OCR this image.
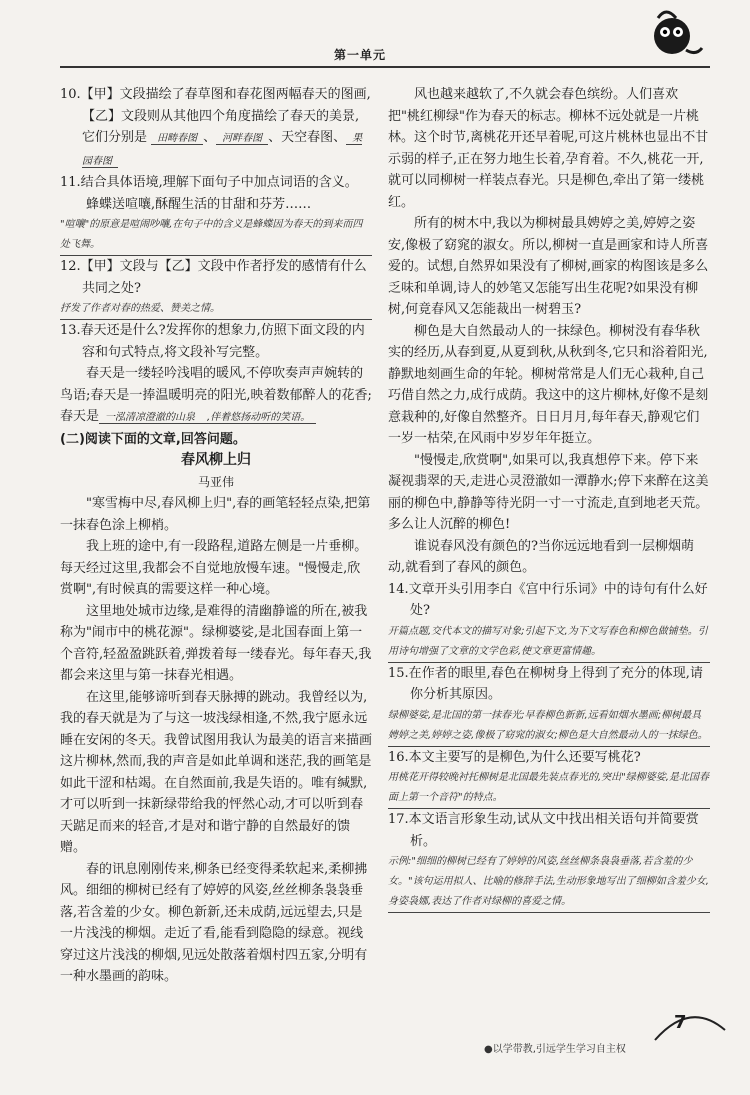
第一单元

10.【甲】文段描绘了春草图和春花图两幅春天的图画,【乙】文段则从其他四个角度描绘了春天的美景,它们分别是 田畴春图 、 河畔春图 、天空春图、 果园春图

11.结合具体语境,理解下面句子中加点词语的含义。

蜂蝶送喧嚷,酥醒生活的甘甜和芬芳……

"喧嚷"的原意是喧闹吵嚷,在句子中的含义是蜂蝶因为春天的到来而四处飞舞。

12.【甲】文段与【乙】文段中作者抒发的感情有什么共同之处?

抒发了作者对春的热爱、赞美之情。

13.春天还是什么?发挥你的想象力,仿照下面文段的内容和句式特点,将文段补写完整。

春天是一缕轻吟浅唱的暖风,不停吹奏声声婉转的鸟语;春天是一捧温暖明亮的阳光,映着数郁醉人的花香;春天是 一泓清凉澄澈的山泉 ,伴着悠扬动听的笑语。

(二)阅读下面的文章,回答问题。

春风柳上归

马亚伟

"寒雪梅中尽,春风柳上归",春的画笔轻轻点染,把第一抹春色涂上柳梢。

我上班的途中,有一段路程,道路左侧是一片垂柳。每天经过这里,我都会不自觉地放慢车速。"慢慢走,欣赏啊",有时候真的需要这样一种心境。

这里地处城市边缘,是难得的清幽静谧的所在,被我称为"闹市中的桃花源"。绿柳婆娑,是北国春面上第一个音符,轻盈盈跳跃着,弹拨着每一缕春光。每年春天,我都会来这里与第一抹春光相遇。

在这里,能够谛听到春天脉搏的跳动。我曾经以为,我的春天就是为了与这一坡浅绿相逢,不然,我宁愿永远睡在安闲的冬天。我曾试图用我认为最美的语言来描画这片柳林,然而,我的声音是如此单调和迷茫,我的画笔是如此干涩和枯竭。在自然面前,我是失语的。唯有缄默,才可以听到一抹新绿带给我的怦然心动,才可以听到春天踮足而来的轻音,才是对和谐宁静的自然最好的馈赠。

春的讯息刚刚传来,柳条已经变得柔软起来,柔柳拂风。细细的柳树已经有了婷婷的风姿,丝丝柳条袅袅垂落,若含羞的少女。柳色新新,还未成荫,远远望去,只是一片浅浅的柳烟。走近了看,能看到隐隐的绿意。视线穿过这片浅浅的柳烟,见远处散落着烟村四五家,分明有一种水墨画的韵味。

风也越来越软了,不久就会春色缤纷。人们喜欢把"桃红柳绿"作为春天的标志。柳林不远处就是一片桃林。这个时节,离桃花开还早着呢,可这片桃林也显出不甘示弱的样子,正在努力地生长着,孕育着。不久,桃花一开,就可以同柳树一样装点春光。只是柳色,牵出了第一缕桃红。

所有的树木中,我以为柳树最具娉婷之美,婷婷之姿安,像极了窈窕的淑女。所以,柳树一直是画家和诗人所喜爱的。试想,自然界如果没有了柳树,画家的构图该是多么乏味和单调,诗人的妙笔又怎能写出生花呢?如果没有柳树,何竟春风又怎能裁出一树碧玉?

柳色是大自然最动人的一抹绿色。柳树没有春华秋实的经历,从春到夏,从夏到秋,从秋到冬,它只和浴着阳光,静默地刻画生命的年轮。柳树常常是人们无心栽种,自己巧借自然之力,成行成荫。我这中的这片柳林,好像不是刻意栽种的,好像自然整齐。日日月月,每年春天,静观它们一岁一枯荣,在风雨中岁岁年年挺立。

"慢慢走,欣赏啊",如果可以,我真想停下来。停下来凝视翡翠的天,走进心灵澄澈如一潭静水;停下来醉在这美丽的柳色中,静静等待光阴一寸一寸流走,直到地老天荒。多么让人沉醉的柳色!

谁说春风没有颜色的?当你远远地看到一层柳烟萌动,就看到了春风的颜色。

14.文章开头引用李白《宫中行乐词》中的诗句有什么好处?

开篇点题,交代本文的描写对象;引起下文,为下文写春色和柳色做铺垫。引用诗句增强了文章的文学色彩,使文章更富情趣。

15.在作者的眼里,春色在柳树身上得到了充分的体现,请你分析其原因。

绿柳婆娑,是北国的第一抹春光;早春柳色新新,远看如烟水墨画;柳树最具娉婷之美,婷婷之姿,像极了窈窕的淑女;柳色是大自然最动人的一抹绿色。

16.本文主要写的是柳色,为什么还要写桃花?

用桃花开得较晚衬托柳树是北国最先装点春光的,突出"绿柳婆娑,是北国春面上第一个音符"的特点。

17.本文语言形象生动,试从文中找出相关语句并简要赏析。

示例:"细细的柳树已经有了婷婷的风姿,丝丝柳条袅袅垂落,若含羞的少女。"该句运用拟人、比喻的修辞手法,生动形象地写出了细柳如含羞少女,身姿袅娜,表达了作者对绿柳的喜爱之情。
7
●以学带教,引远学生学习自主权
